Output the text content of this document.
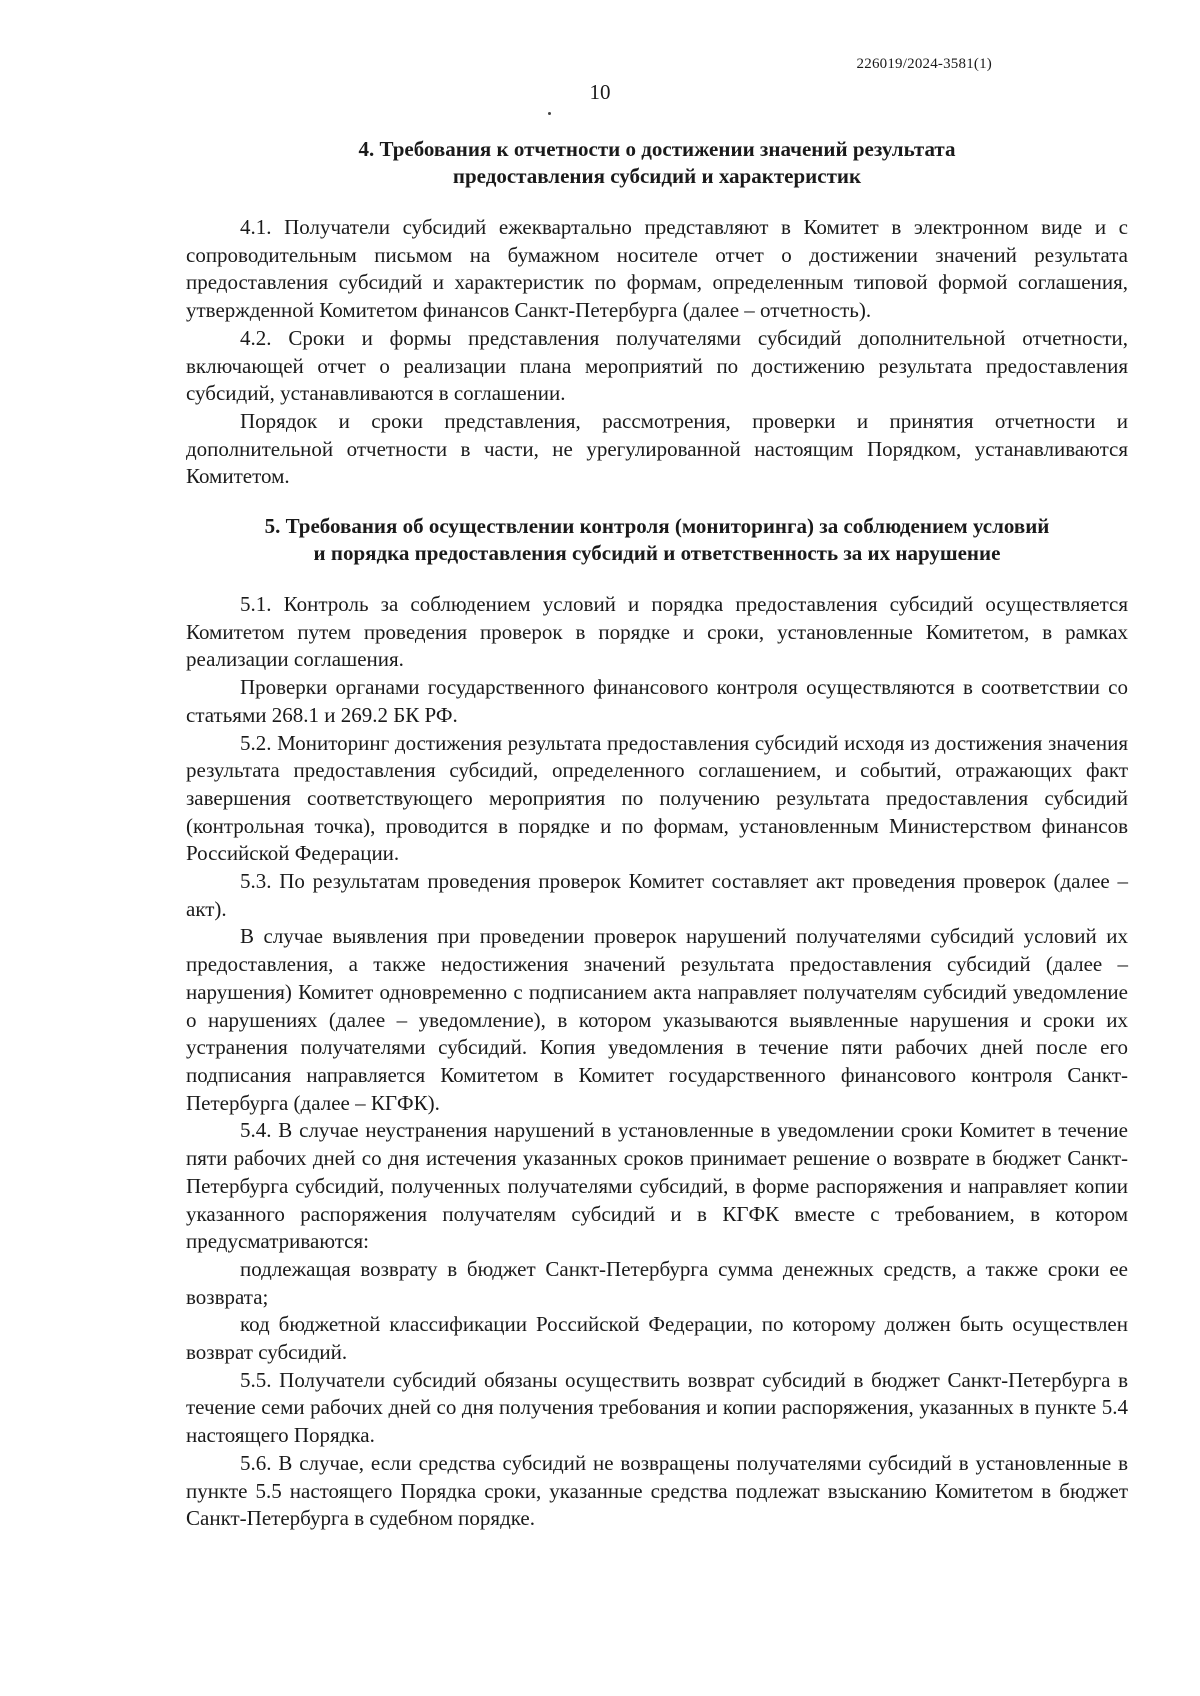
226019/2024-3581(1)
10
4. Требования к отчетности о достижении значений результата
предоставления субсидий и характеристик

4.1. Получатели субсидий ежеквартально представляют в Комитет в электронном виде и с сопроводительным письмом на бумажном носителе отчет о достижении значений результата предоставления субсидий и характеристик по формам, определенным типовой формой соглашения, утвержденной Комитетом финансов Санкт-Петербурга (далее – отчетность).

4.2. Сроки и формы представления получателями субсидий дополнительной отчетности, включающей отчет о реализации плана мероприятий по достижению результата предоставления субсидий, устанавливаются в соглашении.

Порядок и сроки представления, рассмотрения, проверки и принятия отчетности и дополнительной отчетности в части, не урегулированной настоящим Порядком, устанавливаются Комитетом.

5. Требования об осуществлении контроля (мониторинга) за соблюдением условий
и порядка предоставления субсидий и ответственность за их нарушение

5.1. Контроль за соблюдением условий и порядка предоставления субсидий осуществляется Комитетом путем проведения проверок в порядке и сроки, установленные Комитетом, в рамках реализации соглашения.

Проверки органами государственного финансового контроля осуществляются в соответствии со статьями 268.1 и 269.2 БК РФ.

5.2. Мониторинг достижения результата предоставления субсидий исходя из достижения значения результата предоставления субсидий, определенного соглашением, и событий, отражающих факт завершения соответствующего мероприятия по получению результата предоставления субсидий (контрольная точка), проводится в порядке и по формам, установленным Министерством финансов Российской Федерации.

5.3. По результатам проведения проверок Комитет составляет акт проведения проверок (далее – акт).

В случае выявления при проведении проверок нарушений получателями субсидий условий их предоставления, а также недостижения значений результата предоставления субсидий (далее – нарушения) Комитет одновременно с подписанием акта направляет получателям субсидий уведомление о нарушениях (далее – уведомление), в котором указываются выявленные нарушения и сроки их устранения получателями субсидий. Копия уведомления в течение пяти рабочих дней после его подписания направляется Комитетом в Комитет государственного финансового контроля Санкт-Петербурга (далее – КГФК).

5.4. В случае неустранения нарушений в установленные в уведомлении сроки Комитет в течение пяти рабочих дней со дня истечения указанных сроков принимает решение о возврате в бюджет Санкт-Петербурга субсидий, полученных получателями субсидий, в форме распоряжения и направляет копии указанного распоряжения получателям субсидий и в КГФК вместе с требованием, в котором предусматриваются:

подлежащая возврату в бюджет Санкт-Петербурга сумма денежных средств, а также сроки ее возврата;

код бюджетной классификации Российской Федерации, по которому должен быть осуществлен возврат субсидий.

5.5. Получатели субсидий обязаны осуществить возврат субсидий в бюджет Санкт-Петербурга в течение семи рабочих дней со дня получения требования и копии распоряжения, указанных в пункте 5.4 настоящего Порядка.

5.6. В случае, если средства субсидий не возвращены получателями субсидий в установленные в пункте 5.5 настоящего Порядка сроки, указанные средства подлежат взысканию Комитетом в бюджет Санкт-Петербурга в судебном порядке.
